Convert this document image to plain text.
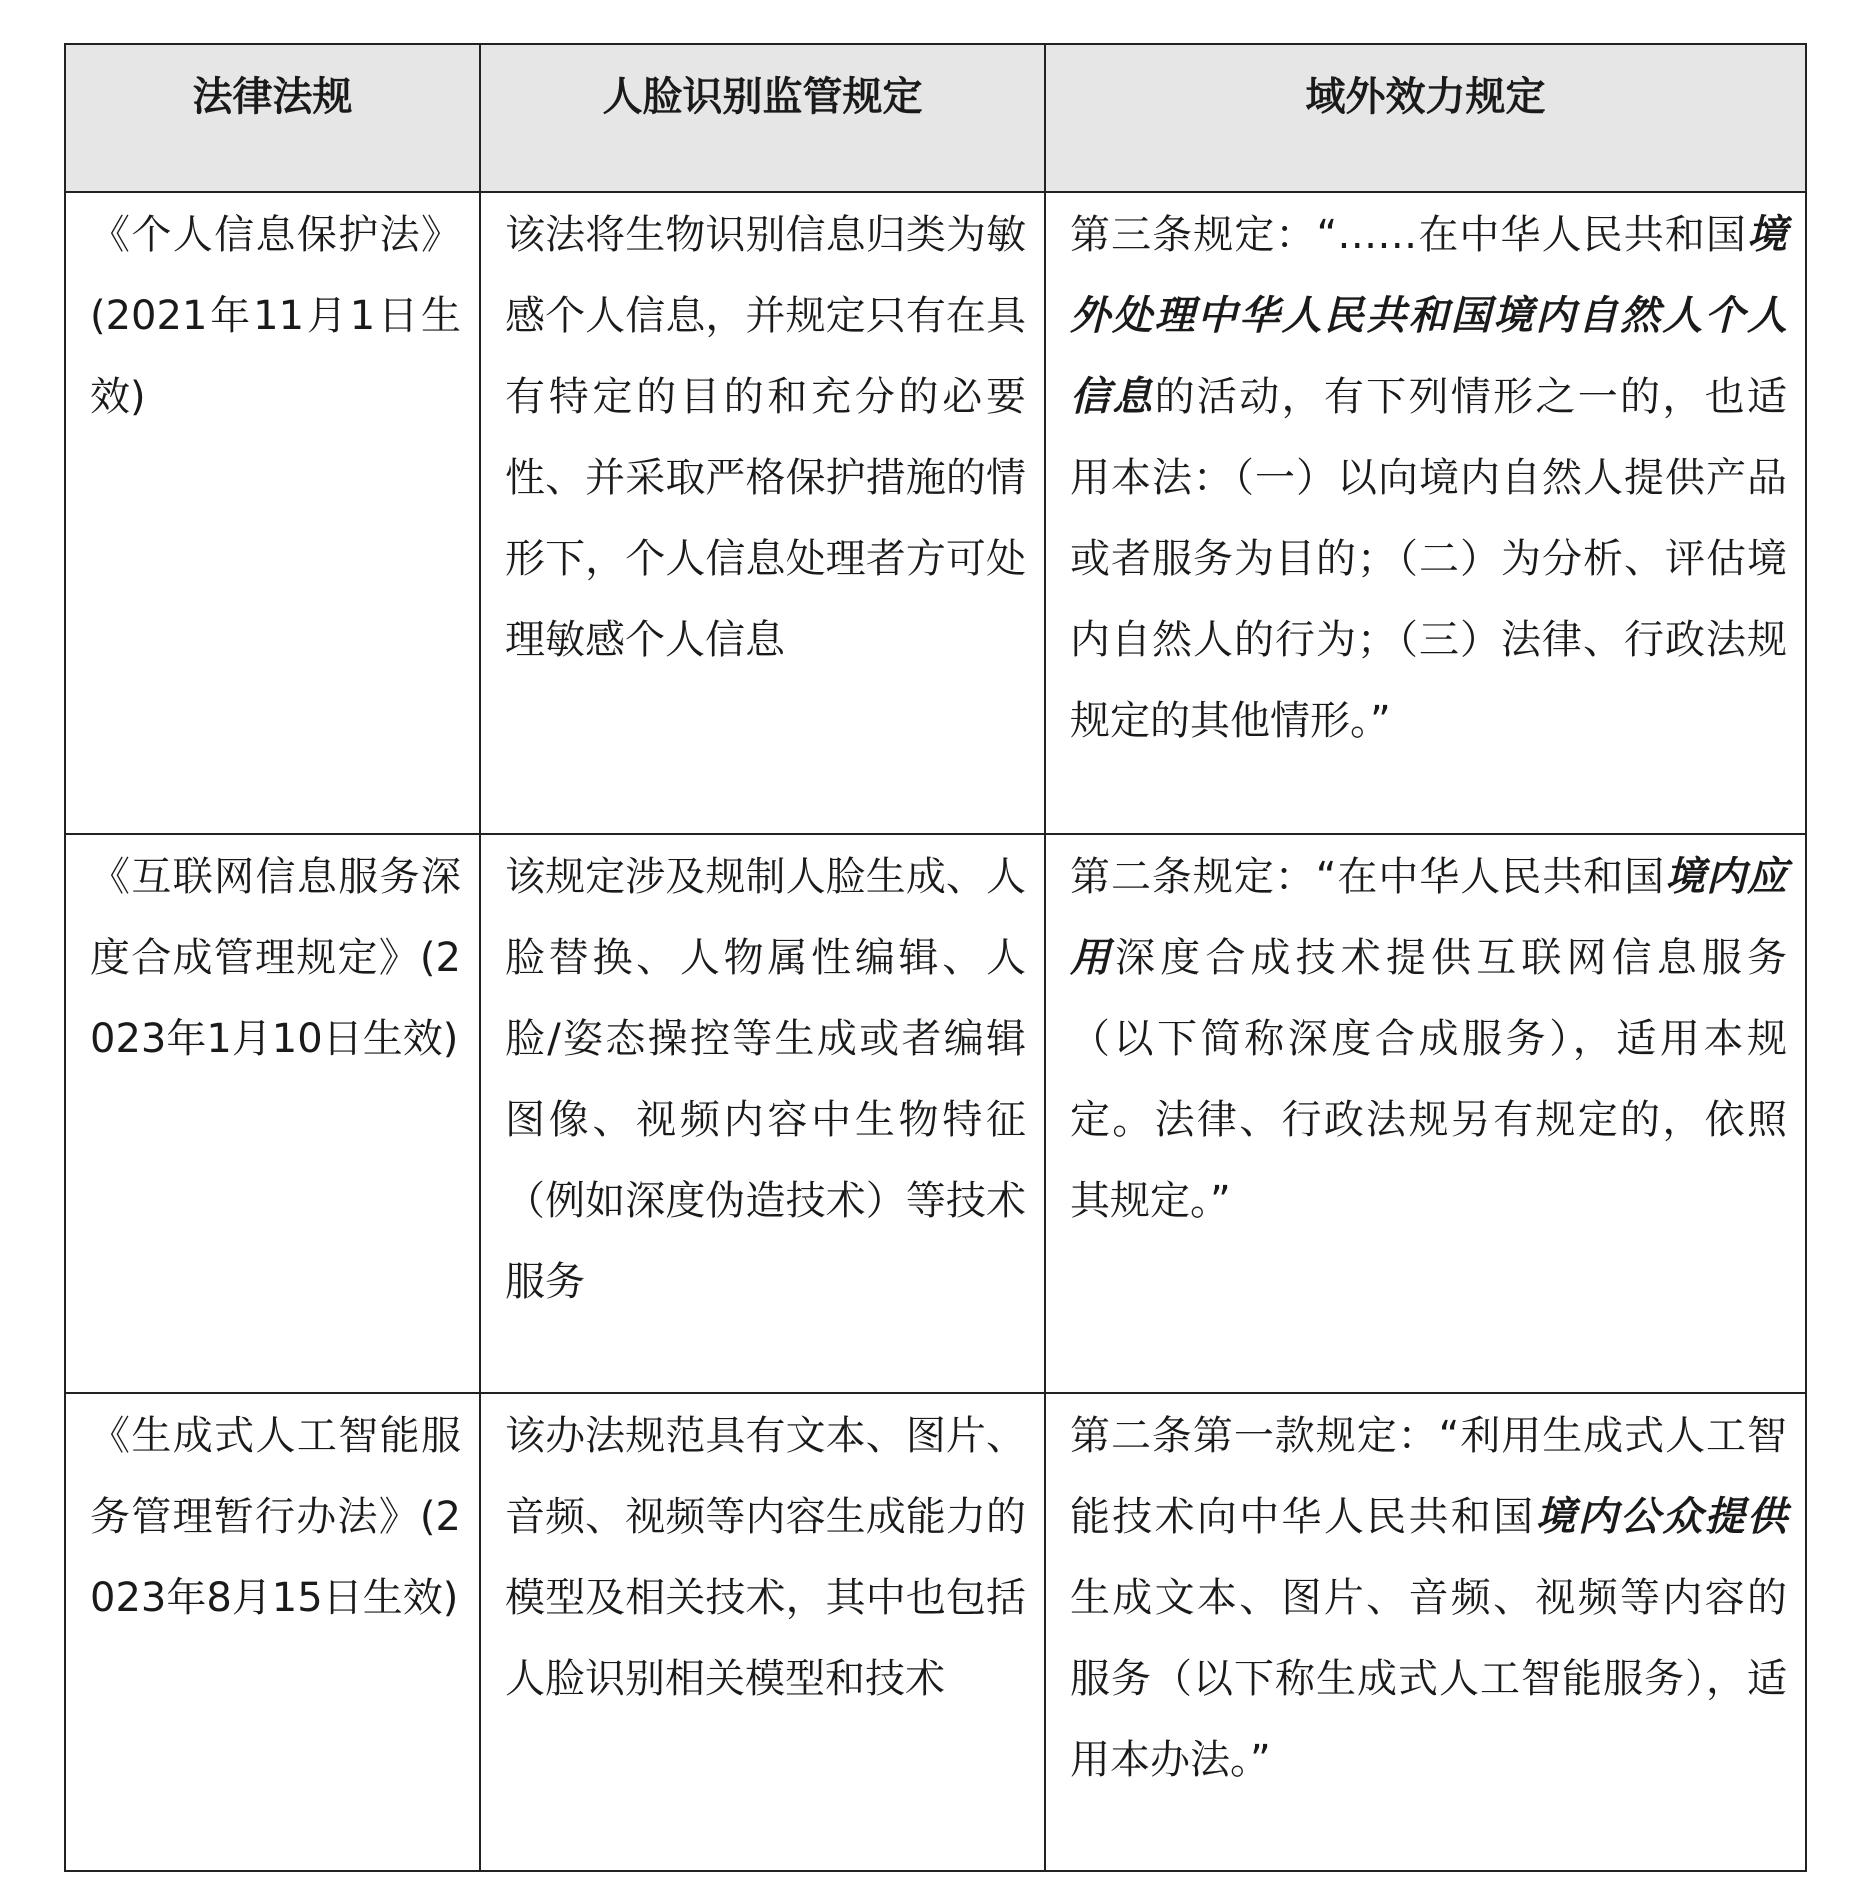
法律法规	人脸识别监管规定	域外效力规定

《个人信息保护法》(2021年11月1日生效)	该法将生物识别信息归类为敏感个人信息，并规定只有在具有特定的目的和充分的必要性、并采取严格保护措施的情形下，个人信息处理者方可处理敏感个人信息	第三条规定：“……在中华人民共和国境外处理中华人民共和国境内自然人个人信息的活动，有下列情形之一的，也适用本法：（一）以向境内自然人提供产品或者服务为目的；（二）为分析、评估境内自然人的行为；（三）法律、行政法规规定的其他情形。”

《互联网信息服务深度合成管理规定》(2023年1月10日生效)	该规定涉及规制人脸生成、人脸替换、人物属性编辑、人脸/姿态操控等生成或者编辑图像、视频内容中生物特征（例如深度伪造技术）等技术服务	第二条规定：“在中华人民共和国境内应用深度合成技术提供互联网信息服务（以下简称深度合成服务），适用本规定。法律、行政法规另有规定的，依照其规定。”

《生成式人工智能服务管理暂行办法》(2023年8月15日生效)	该办法规范具有文本、图片、音频、视频等内容生成能力的模型及相关技术，其中也包括人脸识别相关模型和技术	第二条第一款规定：“利用生成式人工智能技术向中华人民共和国境内公众提供生成文本、图片、音频、视频等内容的服务（以下称生成式人工智能服务），适用本办法。”
